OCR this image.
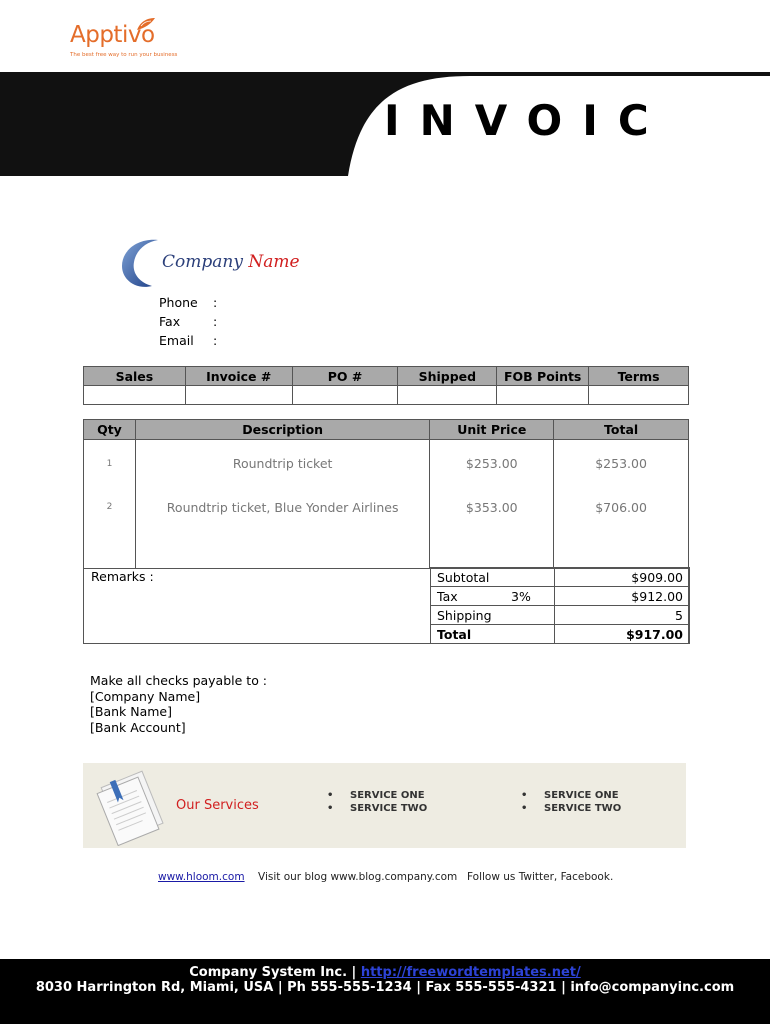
Apptivo
The best free way to run your business
INVOIC
Company Name
Phone :
Fax	:
Email :
Sales	Invoice #	PO #	Shipped	FOB Points	Terms

Qty	Description	Unit Price	Total
1	Roundtrip ticket	$253.00	$253.00
2	Roundtrip ticket, Blue Yonder Airlines	$353.00	$706.00

Remarks :	Subtotal	$909.00
Tax 3%	$912.00
Shipping	5
Total	$917.00
Make all checks payable to :
[Company Name]
[Bank Name]
[Bank Account]
Our Services
• SERVICE ONE
• SERVICE TWO
• SERVICE ONE
• SERVICE TWO
www.hloom.com Visit our blog www.blog.company.com Follow us Twitter, Facebook.
Company System Inc. | http://freewordtemplates.net/
8030 Harrington Rd, Miami, USA | Ph 555-555-1234 | Fax 555-555-4321 | info@companyinc.com
